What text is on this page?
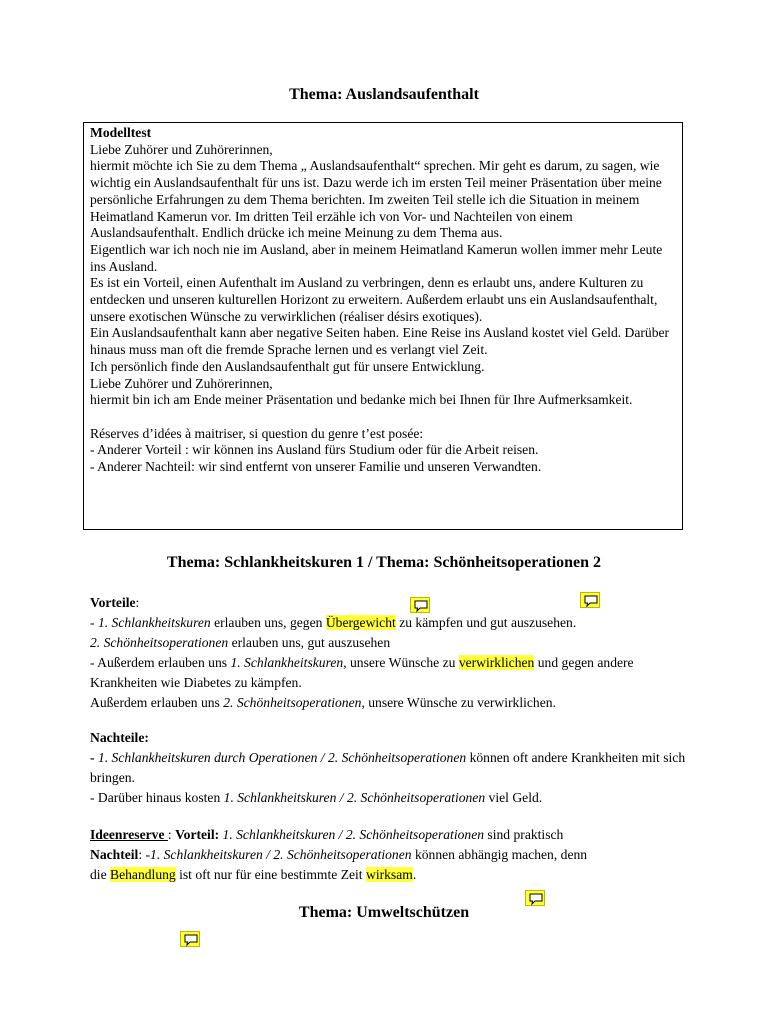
Thema: Auslandsaufenthalt

Modelltest

Liebe Zuhörer und Zuhörerinnen,

hiermit möchte ich Sie zu dem Thema „ Auslandsaufenthalt“ sprechen. Mir geht es darum, zu sagen, wie wichtig ein Auslandsaufenthalt für uns ist. Dazu werde ich im ersten Teil meiner Präsentation über meine persönliche Erfahrungen zu dem Thema berichten. Im zweiten Teil stelle ich die Situation in meinem Heimatland Kamerun vor. Im dritten Teil erzähle ich von Vor- und Nachteilen von einem Auslandsaufenthalt. Endlich drücke ich meine Meinung zu dem Thema aus.

Eigentlich war ich noch nie im Ausland, aber in meinem Heimatland Kamerun wollen immer mehr Leute ins Ausland.

Es ist ein Vorteil, einen Aufenthalt im Ausland zu verbringen, denn es erlaubt uns, andere Kulturen zu entdecken und unseren kulturellen Horizont zu erweitern. Außerdem erlaubt uns ein Auslandsaufenthalt, unsere exotischen Wünsche zu verwirklichen (réaliser désirs exotiques).

Ein Auslandsaufenthalt kann aber negative Seiten haben. Eine Reise ins Ausland kostet viel Geld. Darüber hinaus muss man oft die fremde Sprache lernen und es verlangt viel Zeit.

Ich persönlich finde den Auslandsaufenthalt gut für unsere Entwicklung.

Liebe Zuhörer und Zuhörerinnen,

hiermit bin ich am Ende meiner Präsentation und bedanke mich bei Ihnen für Ihre Aufmerksamkeit.

Réserves d’idées à maitriser, si question du genre t’est posée:

- Anderer Vorteil : wir können ins Ausland fürs Studium oder für die Arbeit reisen.

- Anderer Nachteil: wir sind entfernt von unserer Familie und unseren Verwandten.

Thema: Schlankheitskuren 1 / Thema: Schönheitsoperationen 2

Vorteile:

- 1. Schlankheitskuren erlauben uns, gegen Übergewicht zu kämpfen und gut auszusehen.

2. Schönheitsoperationen erlauben uns, gut auszusehen

- Außerdem erlauben uns 1. Schlankheitskuren, unsere Wünsche zu verwirklichen und gegen andere Krankheiten wie Diabetes zu kämpfen.

Außerdem erlauben uns 2. Schönheitsoperationen, unsere Wünsche zu verwirklichen.

Nachteile:

- 1. Schlankheitskuren durch Operationen / 2. Schönheitsoperationen können oft andere Krankheiten mit sich bringen.

- Darüber hinaus kosten 1. Schlankheitskuren / 2. Schönheitsoperationen viel Geld.

Ideenreserve : Vorteil: 1. Schlankheitskuren / 2. Schönheitsoperationen sind praktisch

Nachteil: -1. Schlankheitskuren / 2. Schönheitsoperationen können abhängig machen, denn

die Behandlung ist oft nur für eine bestimmte Zeit wirksam.

Thema: Umweltschützen
